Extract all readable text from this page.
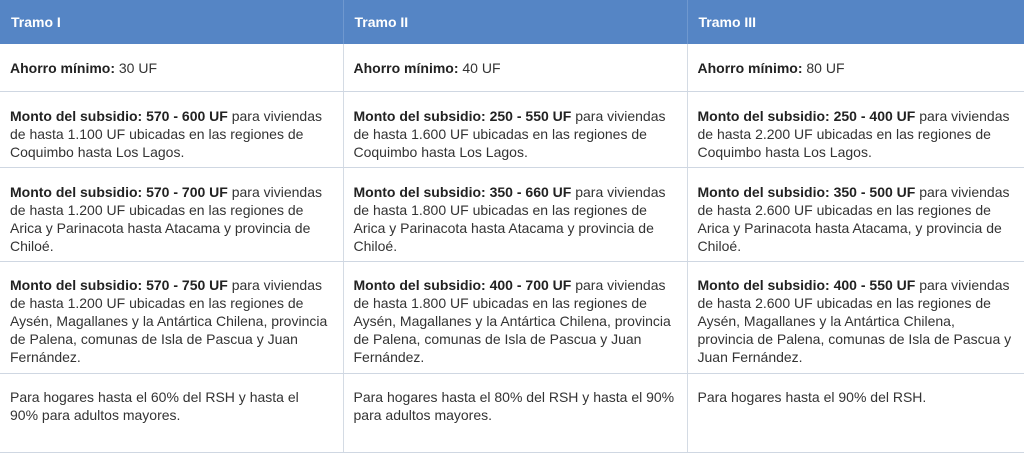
Tramo I	Tramo II	Tramo III
Ahorro mínimo: 30 UF	Ahorro mínimo: 40 UF	Ahorro mínimo: 80 UF
Monto del subsidio: 570 - 600 UF para viviendas de hasta 1.100 UF ubicadas en las regiones de Coquimbo hasta Los Lagos.	Monto del subsidio: 250 - 550 UF para viviendas de hasta 1.600 UF ubicadas en las regiones de Coquimbo hasta Los Lagos.	Monto del subsidio: 250 - 400 UF para viviendas de hasta 2.200 UF ubicadas en las regiones de Coquimbo hasta Los Lagos.
Monto del subsidio: 570 - 700 UF para viviendas de hasta 1.200 UF ubicadas en las regiones de Arica y Parinacota hasta Atacama y provincia de Chiloé.	Monto del subsidio: 350 - 660 UF para viviendas de hasta 1.800 UF ubicadas en las regiones de Arica y Parinacota hasta Atacama y provincia de Chiloé.	Monto del subsidio: 350 - 500 UF para viviendas de hasta 2.600 UF ubicadas en las regiones de Arica y Parinacota hasta Atacama, y provincia de Chiloé.
Monto del subsidio: 570 - 750 UF para viviendas de hasta 1.200 UF ubicadas en las regiones de Aysén, Magallanes y la Antártica Chilena, provincia de Palena, comunas de Isla de Pascua y Juan Fernández.	Monto del subsidio: 400 - 700 UF para viviendas de hasta 1.800 UF ubicadas en las regiones de Aysén, Magallanes y la Antártica Chilena, provincia de Palena, comunas de Isla de Pascua y Juan Fernández.	Monto del subsidio: 400 - 550 UF para viviendas de hasta 2.600 UF ubicadas en las regiones de Aysén, Magallanes y la Antártica Chilena, provincia de Palena, comunas de Isla de Pascua y Juan Fernández.
Para hogares hasta el 60% del RSH y hasta el 90% para adultos mayores.	Para hogares hasta el 80% del RSH y hasta el 90% para adultos mayores.	Para hogares hasta el 90% del RSH.
